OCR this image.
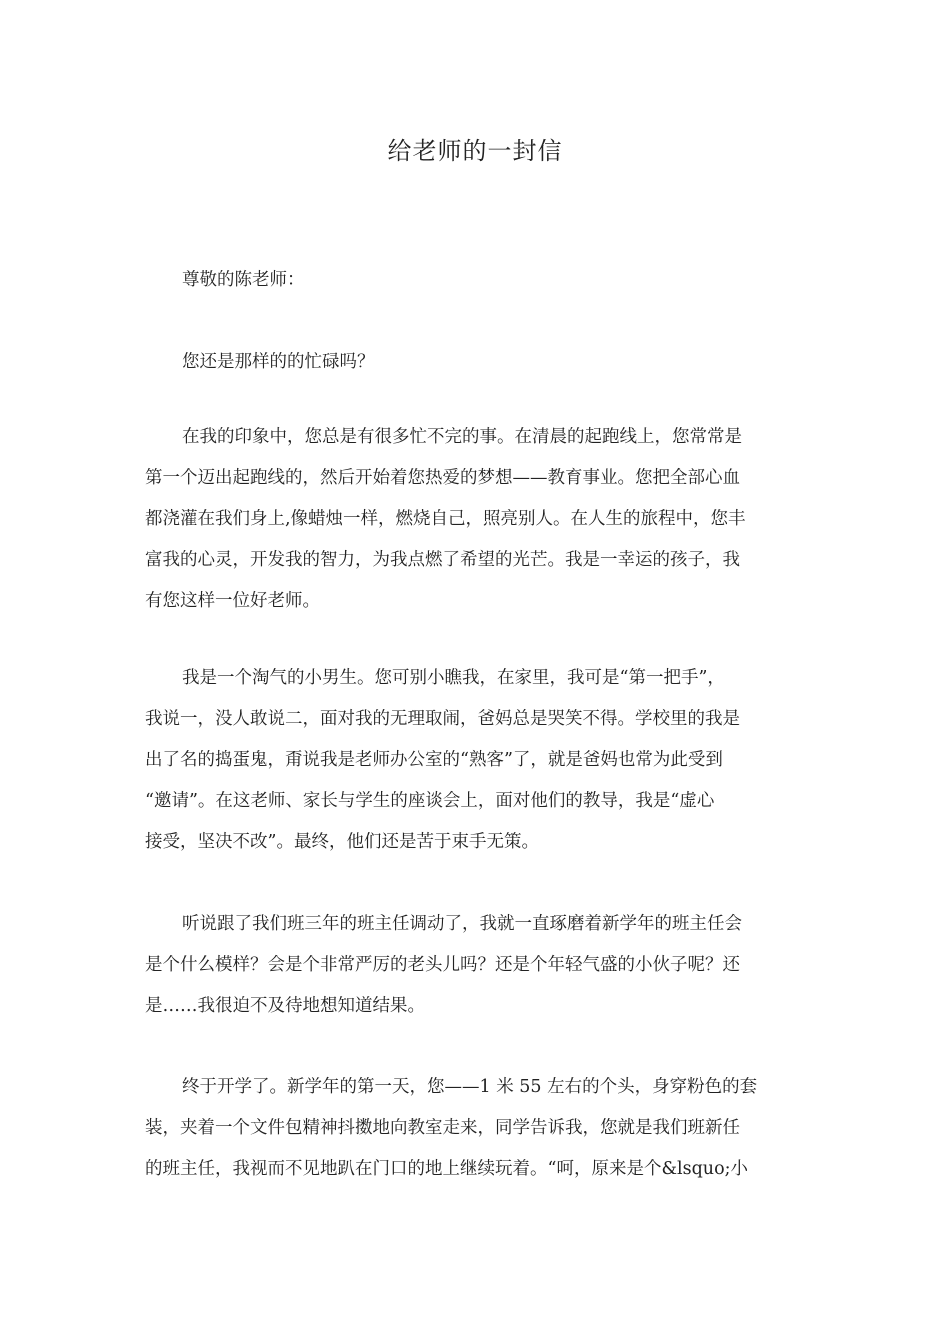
给老师的一封信
尊敬的陈老师：
您还是那样的的忙碌吗？
在我的印象中，您总是有很多忙不完的事。在清晨的起跑线上，您常常是
第一个迈出起跑线的，然后开始着您热爱的梦想——教育事业。您把全部心血
都浇灌在我们身上,像蜡烛一样，燃烧自己，照亮别人。在人生的旅程中，您丰
富我的心灵，开发我的智力，为我点燃了希望的光芒。我是一幸运的孩子，我
有您这样一位好老师。
我是一个淘气的小男生。您可别小瞧我，在家里，我可是“第一把手”，
我说一，没人敢说二，面对我的无理取闹，爸妈总是哭笑不得。学校里的我是
出了名的捣蛋鬼，甭说我是老师办公室的“熟客”了，就是爸妈也常为此受到
“邀请”。在这老师、家长与学生的座谈会上，面对他们的教导，我是“虚心
接受，坚决不改”。最终，他们还是苦于束手无策。
听说跟了我们班三年的班主任调动了，我就一直琢磨着新学年的班主任会
是个什么模样？会是个非常严厉的老头儿吗？还是个年轻气盛的小伙子呢？还
是……我很迫不及待地想知道结果。
终于开学了。新学年的第一天，您——1 米 55 左右的个头，身穿粉色的套
装，夹着一个文件包精神抖擞地向教室走来，同学告诉我，您就是我们班新任
的班主任，我视而不见地趴在门口的地上继续玩着。“呵，原来是个&lsquo;小
